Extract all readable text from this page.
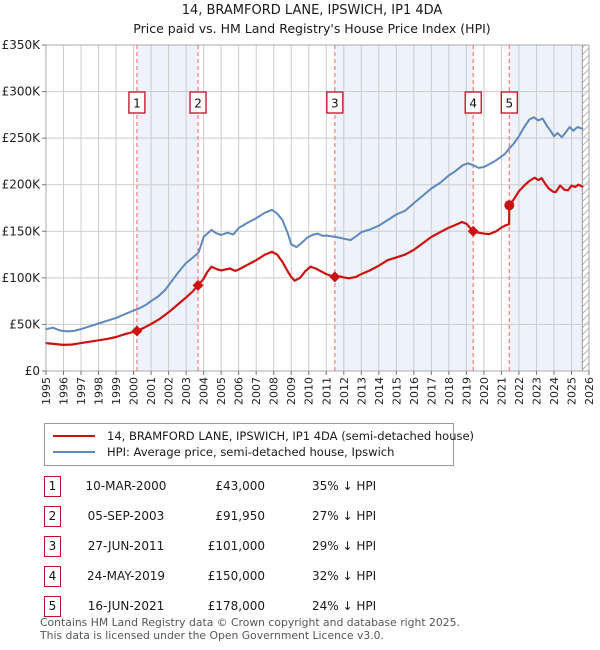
14, BRAMFORD LANE, IPSWICH, IP1 4DA
Price paid vs. HM Land Registry's House Price Index (HPI)
1	2	3	4 5
£0
£50K
£100K
£150K
£200K
£250K
£300K
£350K
1995 1996 1997 1998 1999 2000 2001 2002 2003 2004 2005 2006 2007 2008 2009 2010 2011 2012 2013 2014 2015 2016 2017 2018 2019 2020 2021 2022 2023 2024 2025 2026
14, BRAMFORD LANE, IPSWICH, IP1 4DA (semi-detached house)
HPI: Average price, semi-detached house, Ipswich
1	10-MAR-2000	£43,000	35% ↓ HPI
2	05-SEP-2003	£91,950	27% ↓ HPI
3	27-JUN-2011	£101,000	29% ↓ HPI
4	24-MAY-2019	£150,000	32% ↓ HPI
5	16-JUN-2021	£178,000	24% ↓ HPI
Contains HM Land Registry data © Crown copyright and database right 2025.
This data is licensed under the Open Government Licence v3.0.
